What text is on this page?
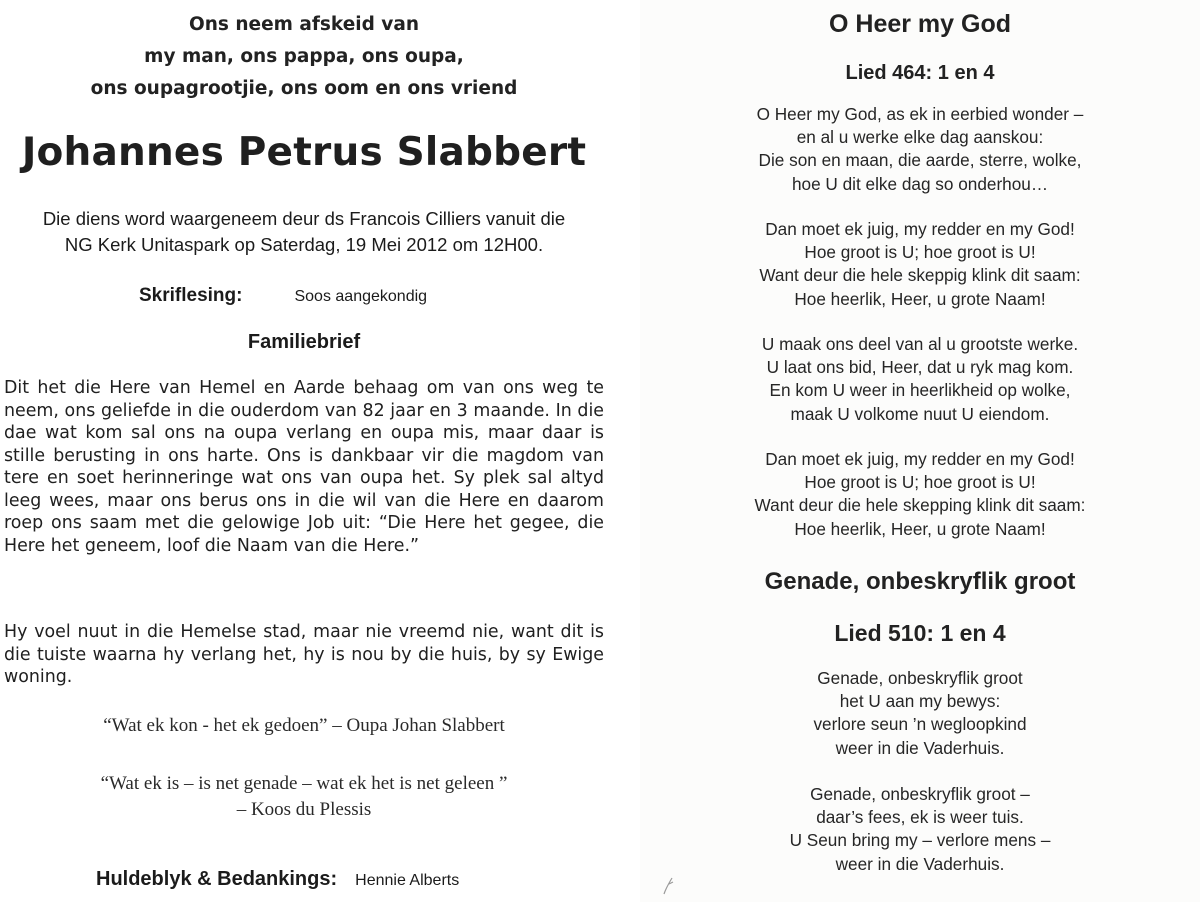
Ons neem afskeid van
my man, ons pappa, ons oupa,
ons oupagrootjie, ons oom en ons vriend
Johannes Petrus Slabbert
Die diens word waargeneem deur ds Francois Cilliers vanuit die
NG Kerk Unitaspark op Saterdag, 19 Mei 2012 om 12H00.
Skriflesing:	Soos aangekondig
Familiebrief
Dit het die Here van Hemel en Aarde behaag om van ons weg te neem, ons geliefde in die ouderdom van 82 jaar en 3 maande. In die dae wat kom sal ons na oupa verlang en oupa mis, maar daar is stille berusting in ons harte. Ons is dankbaar vir die magdom van tere en soet herinneringe wat ons van oupa het. Sy plek sal altyd leeg wees, maar ons berus ons in die wil van die Here en daarom roep ons saam met die gelowige Job uit: “Die Here het gegee, die Here het geneem, loof die Naam van die Here.”
Hy voel nuut in die Hemelse stad, maar nie vreemd nie, want dit is die tuiste waarna hy verlang het, hy is nou by die huis, by sy Ewige woning.
“Wat ek kon - het ek gedoen” – Oupa Johan Slabbert
“Wat ek is – is net genade – wat ek het is net geleen ”
– Koos du Plessis
Huldeblyk & Bedankings: Hennie Alberts
O Heer my God
Lied 464: 1 en 4
O Heer my God, as ek in eerbied wonder –
en al u werke elke dag aanskou:
Die son en maan, die aarde, sterre, wolke,
hoe U dit elke dag so onderhou…
Dan moet ek juig, my redder en my God!
Hoe groot is U; hoe groot is U!
Want deur die hele skeppig klink dit saam:
Hoe heerlik, Heer, u grote Naam!
U maak ons deel van al u grootste werke.
U laat ons bid, Heer, dat u ryk mag kom.
En kom U weer in heerlikheid op wolke,
maak U volkome nuut U eiendom.
Dan moet ek juig, my redder en my God!
Hoe groot is U; hoe groot is U!
Want deur die hele skepping klink dit saam:
Hoe heerlik, Heer, u grote Naam!
Genade, onbeskryflik groot
Lied 510: 1 en 4
Genade, onbeskryflik groot
het U aan my bewys:
verlore seun ’n wegloopkind
weer in die Vaderhuis.
Genade, onbeskryflik groot –
daar’s fees, ek is weer tuis.
U Seun bring my – verlore mens –
weer in die Vaderhuis.
